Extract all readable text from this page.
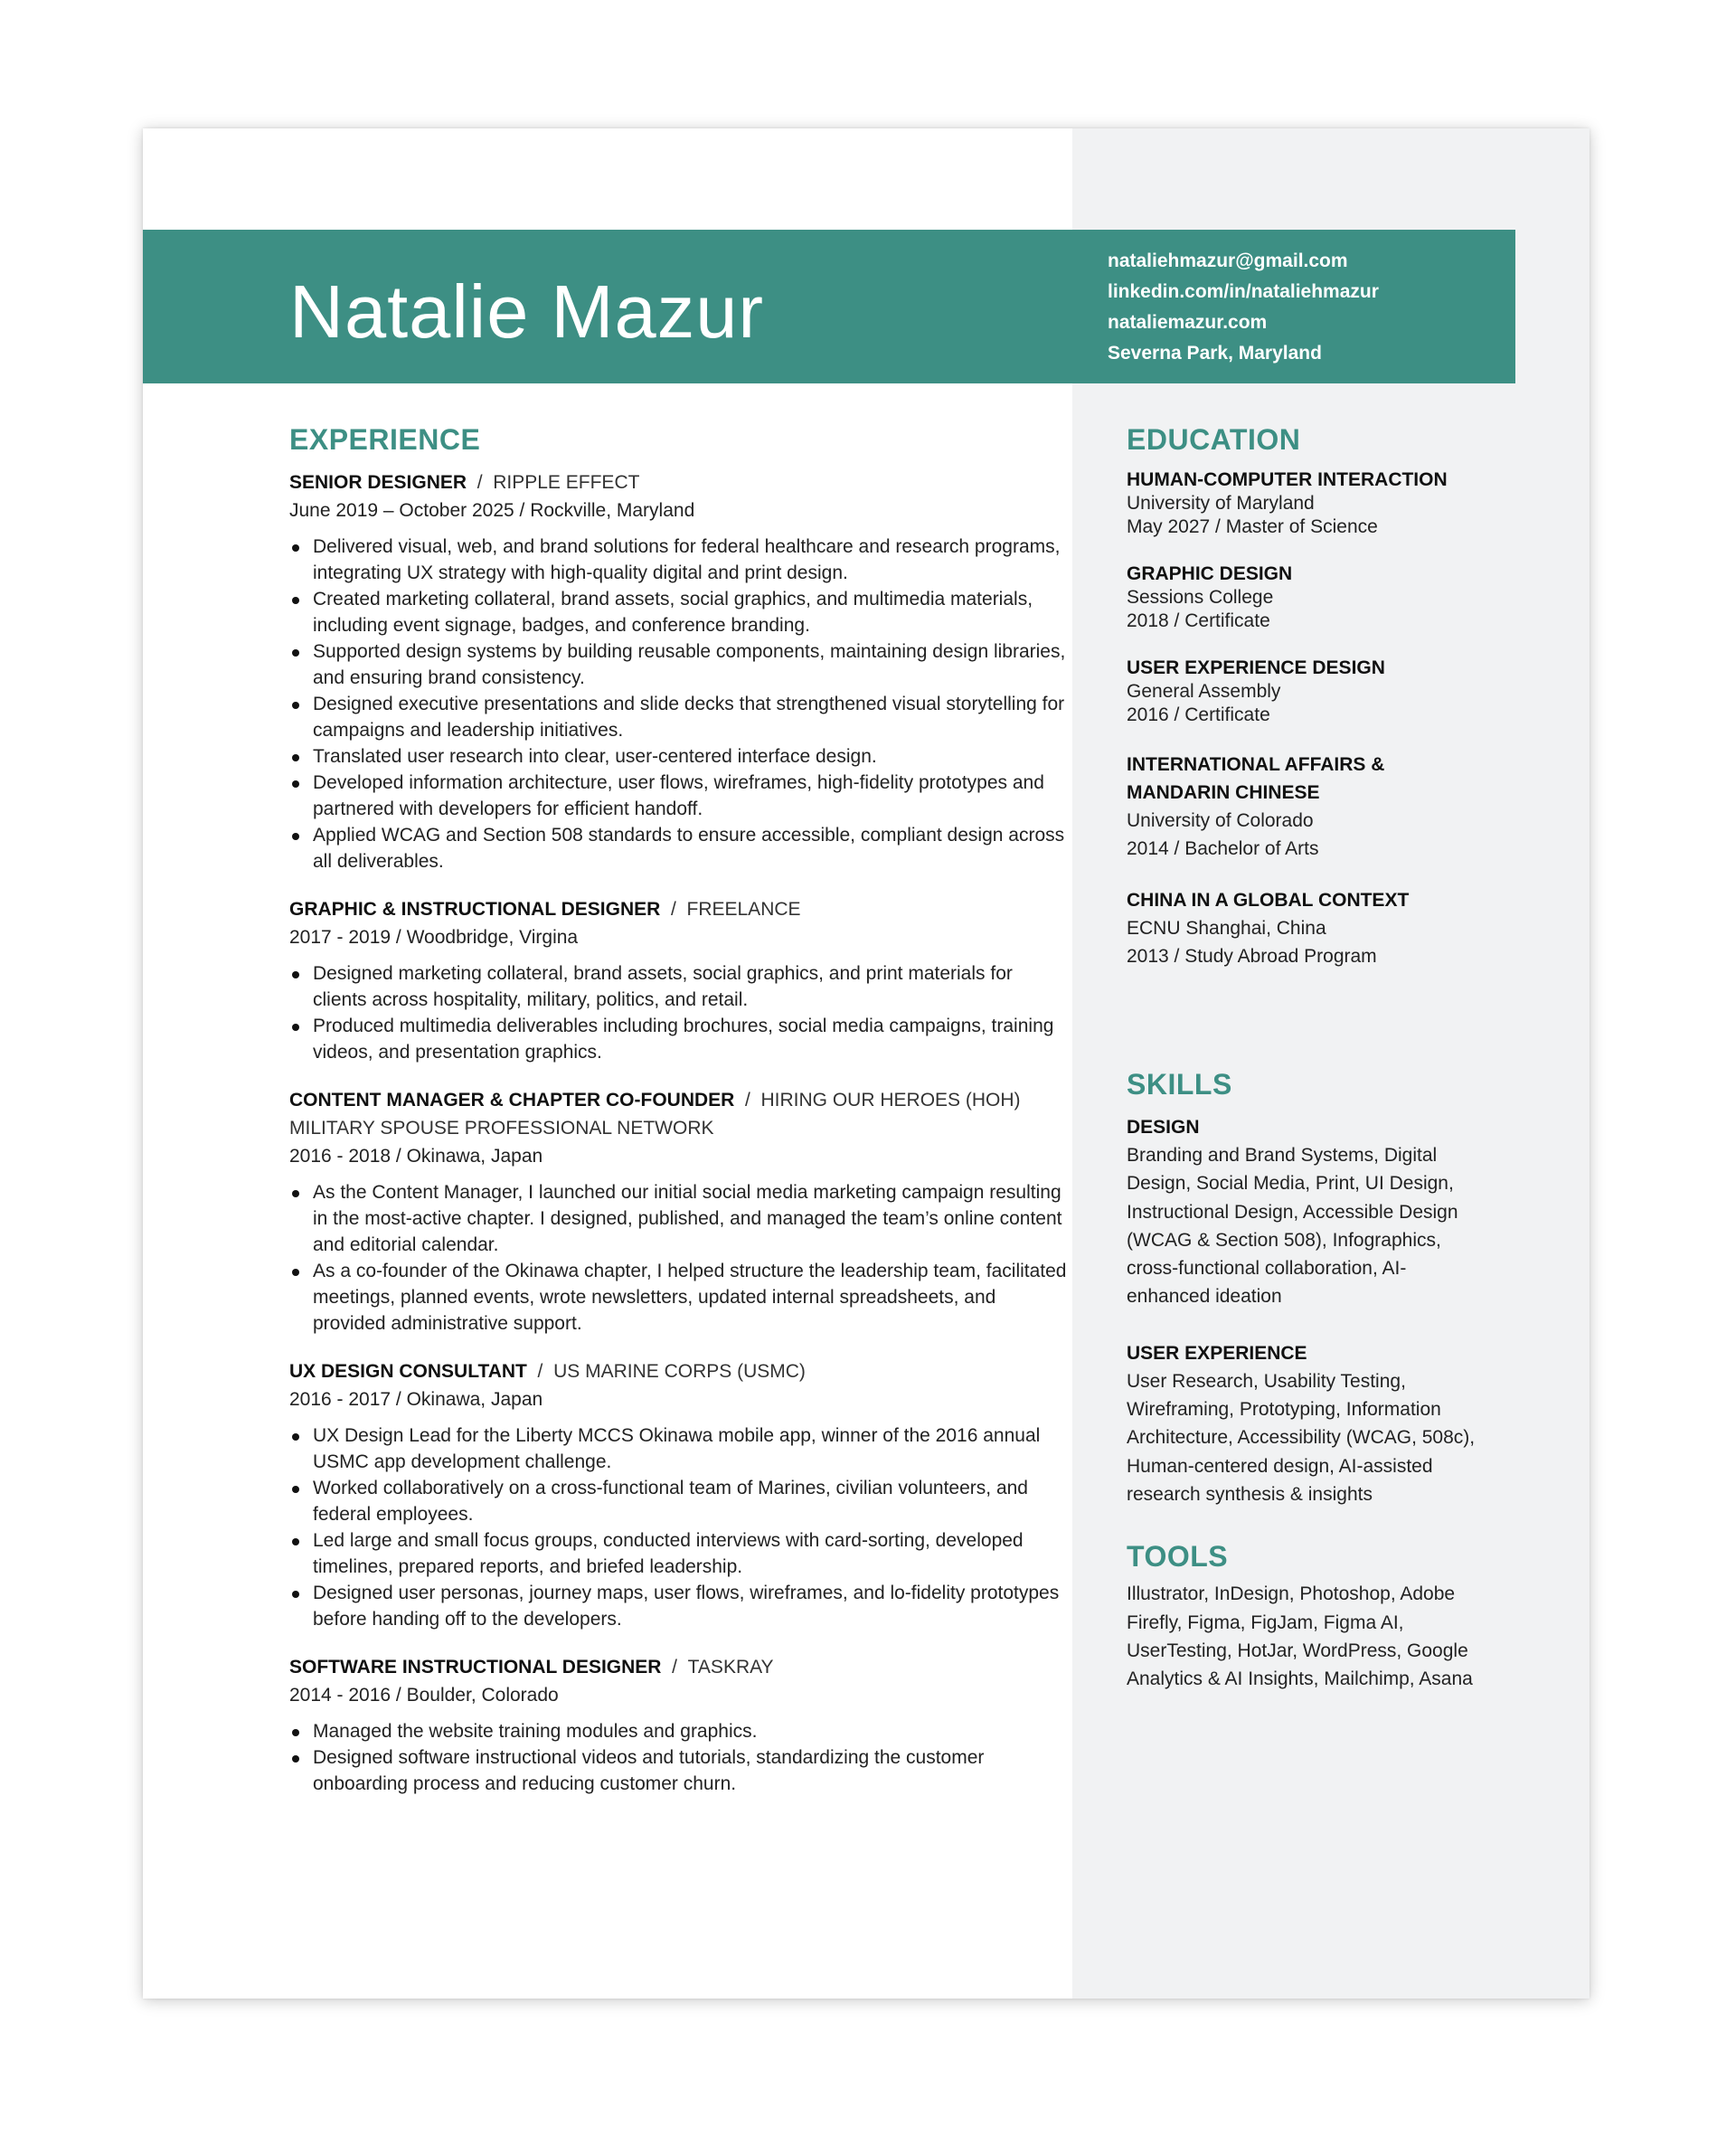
Natalie Mazur
nataliehmazur@gmail.com
linkedin.com/in/nataliehmazur
nataliemazur.com
Severna Park, Maryland
EXPERIENCE
SENIOR DESIGNER  /  RIPPLE EFFECT
June 2019 – October 2025 / Rockville, Maryland
Delivered visual, web, and brand solutions for federal healthcare and research programs, integrating UX strategy with high-quality digital and print design.
Created marketing collateral, brand assets, social graphics, and multimedia materials, including event signage, badges, and conference branding.
Supported design systems by building reusable components, maintaining design libraries, and ensuring brand consistency.
Designed executive presentations and slide decks that strengthened visual storytelling for campaigns and leadership initiatives.
Translated user research into clear, user-centered interface design.
Developed information architecture, user flows, wireframes, high-fidelity prototypes and partnered with developers for efficient handoff.
Applied WCAG and Section 508 standards to ensure accessible, compliant design across all deliverables.
GRAPHIC & INSTRUCTIONAL DESIGNER  /  FREELANCE
2017 - 2019 / Woodbridge, Virgina
Designed marketing collateral, brand assets, social graphics, and print materials for clients across hospitality, military, politics, and retail.
Produced multimedia deliverables including brochures, social media campaigns, training videos, and presentation graphics.
CONTENT MANAGER & CHAPTER CO-FOUNDER  /  HIRING OUR HEROES (HOH) MILITARY SPOUSE PROFESSIONAL NETWORK
2016 - 2018 / Okinawa, Japan
As the Content Manager, I launched our initial social media marketing campaign resulting in the most-active chapter. I designed, published, and managed the team’s online content and editorial calendar.
As a co-founder of the Okinawa chapter, I helped structure the leadership team, facilitated meetings, planned events, wrote newsletters, updated internal spreadsheets, and provided administrative support.
UX DESIGN CONSULTANT  /  US MARINE CORPS (USMC)
2016 - 2017 / Okinawa, Japan
UX Design Lead for the Liberty MCCS Okinawa mobile app, winner of the 2016 annual USMC app development challenge.
Worked collaboratively on a cross-functional team of Marines, civilian volunteers, and federal employees.
Led large and small focus groups, conducted interviews with card-sorting, developed timelines, prepared reports, and briefed leadership.
Designed user personas, journey maps, user flows, wireframes, and lo-fidelity prototypes before handing off to the developers.
SOFTWARE INSTRUCTIONAL DESIGNER  /  TASKRAY
2014 - 2016 / Boulder, Colorado
Managed the website training modules and graphics.
Designed software instructional videos and tutorials, standardizing the customer onboarding process and reducing customer churn.
EDUCATION
HUMAN-COMPUTER INTERACTION
University of Maryland
May 2027 / Master of Science
GRAPHIC DESIGN
Sessions College
2018 / Certificate
USER EXPERIENCE DESIGN
General Assembly
2016 / Certificate
INTERNATIONAL AFFAIRS & MANDARIN CHINESE
University of Colorado
2014 / Bachelor of Arts
CHINA IN A GLOBAL CONTEXT
ECNU Shanghai, China
2013 / Study Abroad Program
SKILLS
DESIGN
Branding and Brand Systems, Digital Design, Social Media, Print, UI Design, Instructional Design, Accessible Design (WCAG & Section 508), Infographics, cross-functional collaboration, AI-enhanced ideation
USER EXPERIENCE
User Research, Usability Testing, Wireframing, Prototyping, Information Architecture, Accessibility (WCAG, 508c), Human-centered design, AI-assisted research synthesis & insights
TOOLS
Illustrator, InDesign, Photoshop, Adobe Firefly, Figma, FigJam, Figma AI, UserTesting, HotJar, WordPress, Google Analytics & AI Insights, Mailchimp, Asana
